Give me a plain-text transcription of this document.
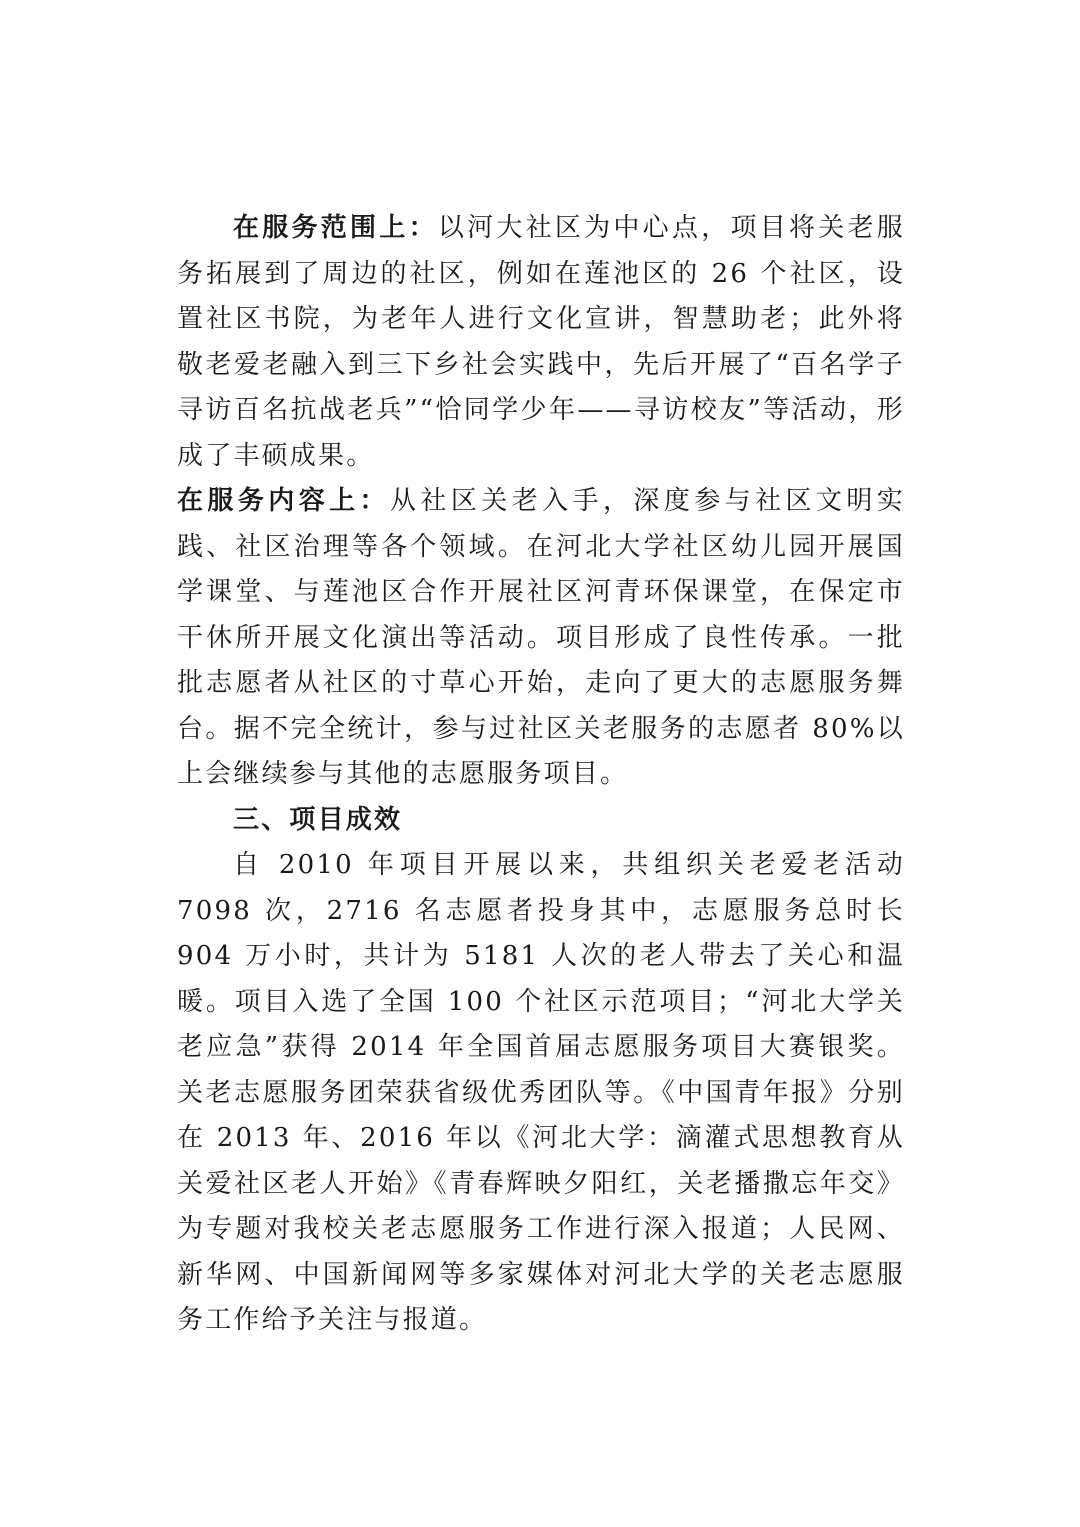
在服务范围上：以河大社区为中心点，项目将关老服务拓展到了周边的社区，例如在莲池区的 26 个社区，设置社区书院，为老年人进行文化宣讲，智慧助老；此外将敬老爱老融入到三下乡社会实践中，先后开展了“百名学子寻访百名抗战老兵”“恰同学少年——寻访校友”等活动，形成了丰硕成果。

在服务内容上：从社区关老入手，深度参与社区文明实践、社区治理等各个领域。在河北大学社区幼儿园开展国学课堂、与莲池区合作开展社区河青环保课堂，在保定市干休所开展文化演出等活动。项目形成了良性传承。一批批志愿者从社区的寸草心开始，走向了更大的志愿服务舞台。据不完全统计，参与过社区关老服务的志愿者 80%以上会继续参与其他的志愿服务项目。

三、项目成效

自 2010 年项目开展以来，共组织关老爱老活动 7098 次，2716 名志愿者投身其中，志愿服务总时长 904 万小时，共计为 5181 人次的老人带去了关心和温暖。项目入选了全国 100 个社区示范项目；“河北大学关老应急”获得 2014 年全国首届志愿服务项目大赛银奖。关老志愿服务团荣获省级优秀团队等。《中国青年报》分别在 2013 年、2016 年以《河北大学：滴灌式思想教育从关爱社区老人开始》《青春辉映夕阳红，关老播撒忘年交》为专题对我校关老志愿服务工作进行深入报道；人民网、新华网、中国新闻网等多家媒体对河北大学的关老志愿服务工作给予关注与报道。
